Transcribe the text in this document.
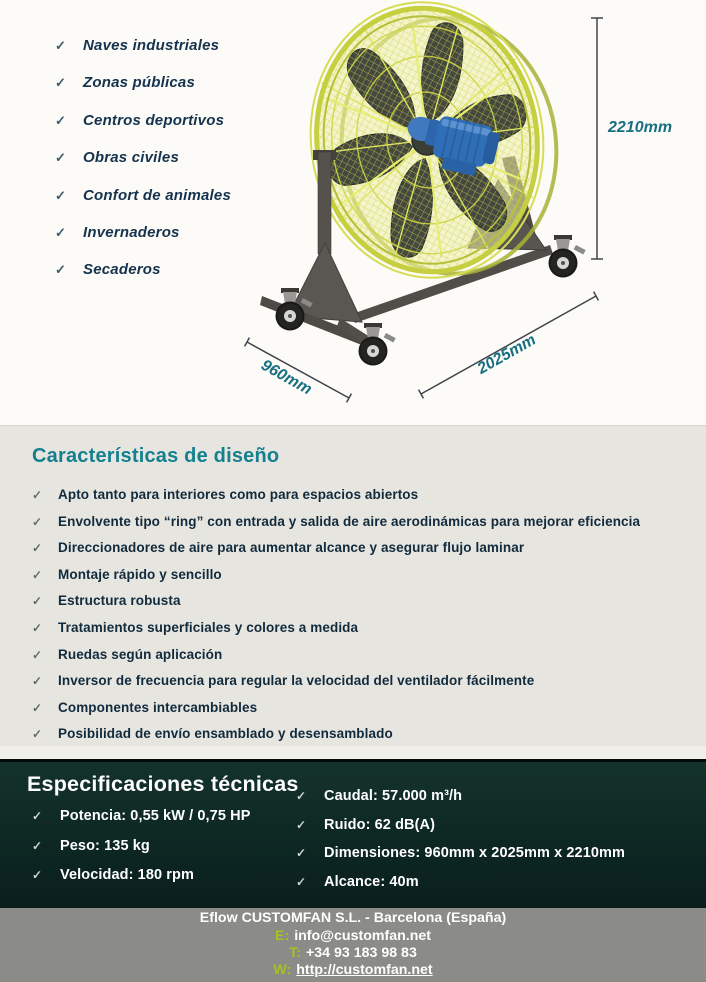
✓	Naves industriales
✓	Zonas públicas
✓	Centros deportivos
✓	Obras civiles
✓	Confort de animales
✓	Invernaderos
✓	Secaderos
2210mm
960mm	2025mm
Características de diseño
✓	Apto tanto para interiores como para espacios abiertos
✓	Envolvente tipo “ring” con entrada y salida de aire aerodinámicas para mejorar eficiencia
✓	Direccionadores de aire para aumentar alcance y asegurar flujo laminar
✓	Montaje rápido y sencillo
✓	Estructura robusta
✓	Tratamientos superficiales y colores a medida
✓	Ruedas según aplicación
✓	Inversor de frecuencia para regular la velocidad del ventilador fácilmente
✓	Componentes intercambiables
✓	Posibilidad de envío ensamblado y desensamblado
Especificaciones técnicas
✓	Potencia: 0,55 kW / 0,75 HP
✓	Peso: 135 kg
✓	Velocidad: 180 rpm
✓	Caudal: 57.000 m³/h
✓	Ruido: 62 dB(A)
✓	Dimensiones: 960mm x 2025mm x 2210mm
✓	Alcance: 40m
Eflow CUSTOMFAN S.L. - Barcelona (España)
E: info@customfan.net
T: +34 93 183 98 83
W: http://customfan.net
